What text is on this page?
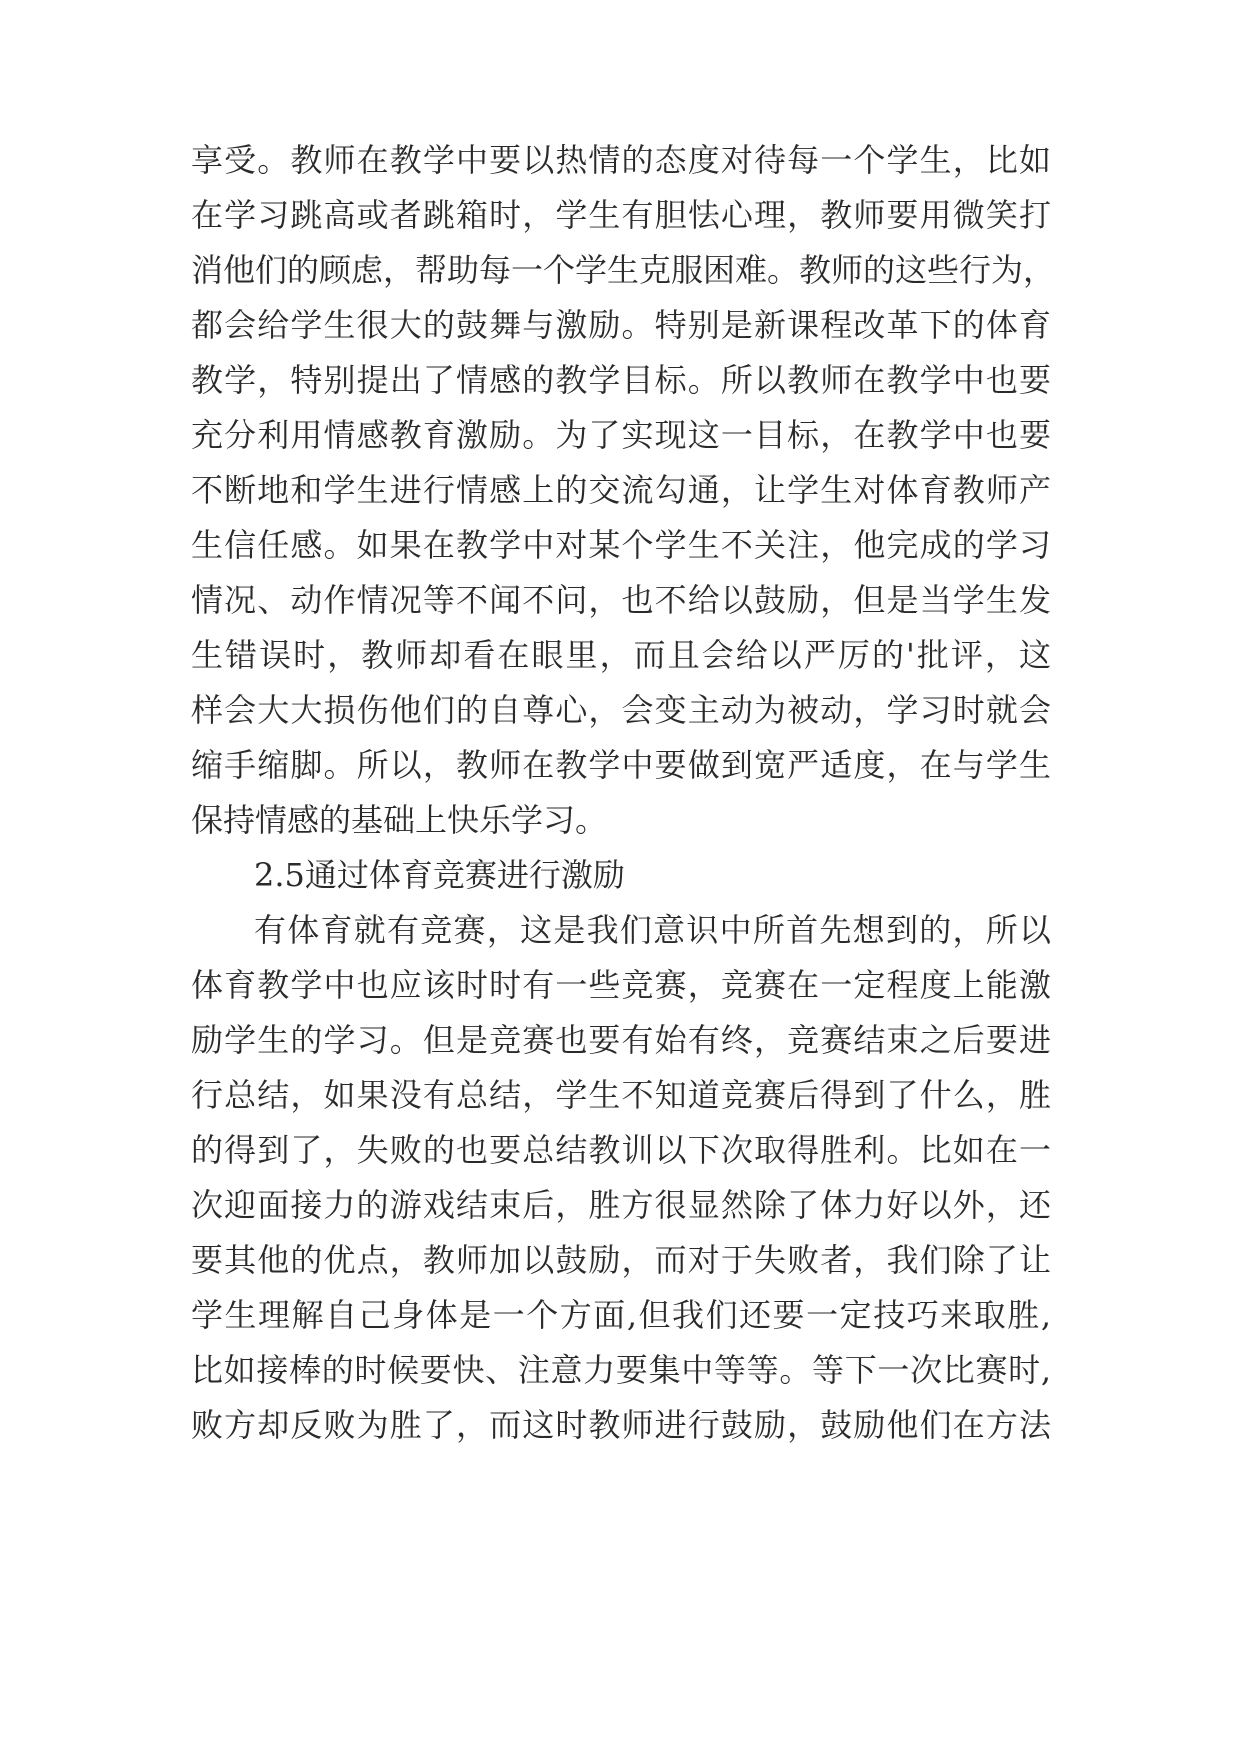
享受。教师在教学中要以热情的态度对待每一个学生，比如
在学习跳高或者跳箱时，学生有胆怯心理，教师要用微笑打
消他们的顾虑，帮助每一个学生克服困难。教师的这些行为，
都会给学生很大的鼓舞与激励。特别是新课程改革下的体育
教学，特别提出了情感的教学目标。所以教师在教学中也要
充分利用情感教育激励。为了实现这一目标，在教学中也要
不断地和学生进行情感上的交流勾通，让学生对体育教师产
生信任感。如果在教学中对某个学生不关注，他完成的学习
情况、动作情况等不闻不问，也不给以鼓励，但是当学生发
生错误时，教师却看在眼里，而且会给以严厉的'批评，这
样会大大损伤他们的自尊心，会变主动为被动，学习时就会
缩手缩脚。所以，教师在教学中要做到宽严适度，在与学生
保持情感的基础上快乐学习。
2.5通过体育竞赛进行激励
有体育就有竞赛，这是我们意识中所首先想到的，所以
体育教学中也应该时时有一些竞赛，竞赛在一定程度上能激
励学生的学习。但是竞赛也要有始有终，竞赛结束之后要进
行总结，如果没有总结，学生不知道竞赛后得到了什么，胜
的得到了，失败的也要总结教训以下次取得胜利。比如在一
次迎面接力的游戏结束后，胜方很显然除了体力好以外，还
要其他的优点，教师加以鼓励，而对于失败者，我们除了让
学生理解自己身体是一个方面,但我们还要一定技巧来取胜,
比如接棒的时候要快、注意力要集中等等。等下一次比赛时,
败方却反败为胜了，而这时教师进行鼓励，鼓励他们在方法
